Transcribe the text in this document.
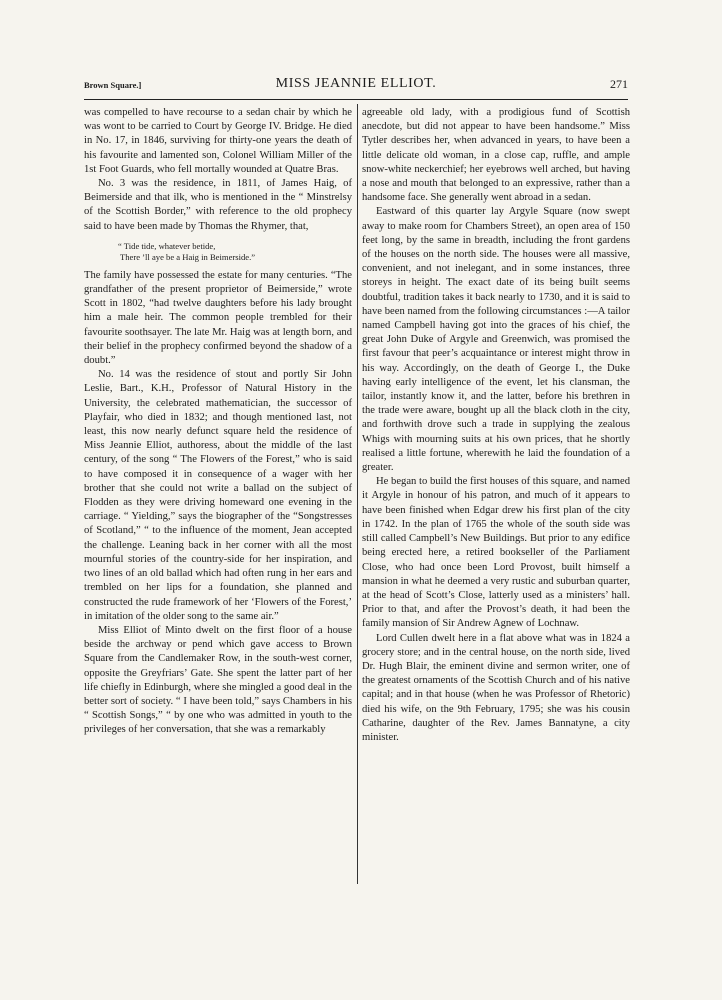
Brown Square.]	MISS JEANNIE ELLIOT.	271

was compelled to have recourse to a sedan chair by which he was wont to be carried to Court by George IV. Bridge. He died in No. 17, in 1846, surviving for thirty-one years the death of his favourite and lamented son, Colonel William Miller of the 1st Foot Guards, who fell mortally wounded at Quatre Bras.

No. 3 was the residence, in 1811, of James Haig, of Beimerside and that ilk, who is mentioned in the “ Minstrelsy of the Scottish Border,” with reference to the old prophecy said to have been made by Thomas the Rhymer, that,

“ Tide tide, whatever betide,
There ’ll aye be a Haig in Beimerside.”

The family have possessed the estate for many centuries. “The grandfather of the present proprietor of Beimerside,” wrote Scott in 1802, “had twelve daughters before his lady brought him a male heir. The common people trembled for their favourite soothsayer. The late Mr. Haig was at length born, and their belief in the prophecy confirmed beyond the shadow of a doubt.”

No. 14 was the residence of stout and portly Sir John Leslie, Bart., K.H., Professor of Natural History in the University, the celebrated mathematician, the successor of Playfair, who died in 1832; and though mentioned last, not least, this now nearly defunct square held the residence of Miss Jeannie Elliot, authoress, about the middle of the last century, of the song “ The Flowers of the Forest,” who is said to have composed it in consequence of a wager with her brother that she could not write a ballad on the subject of Flodden as they were driving homeward one evening in the carriage. “ Yielding,” says the biographer of the “Songstresses of Scotland,” “ to the influence of the moment, Jean accepted the challenge. Leaning back in her corner with all the most mournful stories of the country-side for her inspiration, and two lines of an old ballad which had often rung in her ears and trembled on her lips for a foundation, she planned and constructed the rude framework of her ‘Flowers of the Forest,’ in imitation of the older song to the same air.”

Miss Elliot of Minto dwelt on the first floor of a house beside the archway or pend which gave access to Brown Square from the Candlemaker Row, in the south-west corner, opposite the Greyfriars’ Gate. She spent the latter part of her life chiefly in Edinburgh, where she mingled a good deal in the better sort of society. “ I have been told,” says Chambers in his “ Scottish Songs,” “ by one who was admitted in youth to the privileges of her conversation, that she was a remarkably

agreeable old lady, with a prodigious fund of Scottish anecdote, but did not appear to have been handsome.” Miss Tytler describes her, when advanced in years, to have been a little delicate old woman, in a close cap, ruffle, and ample snow-white neckerchief; her eyebrows well arched, but having a nose and mouth that belonged to an expressive, rather than a handsome face. She generally went abroad in a sedan.

Eastward of this quarter lay Argyle Square (now swept away to make room for Chambers Street), an open area of 150 feet long, by the same in breadth, including the front gardens of the houses on the north side. The houses were all massive, convenient, and not inelegant, and in some instances, three storeys in height. The exact date of its being built seems doubtful, tradition takes it back nearly to 1730, and it is said to have been named from the following circumstances :—A tailor named Campbell having got into the graces of his chief, the great John Duke of Argyle and Greenwich, was promised the first favour that peer’s acquaintance or interest might throw in his way. Accordingly, on the death of George I., the Duke having early intelligence of the event, let his clansman, the tailor, instantly know it, and the latter, before his brethren in the trade were aware, bought up all the black cloth in the city, and forthwith drove such a trade in supplying the zealous Whigs with mourning suits at his own prices, that he shortly realised a little fortune, wherewith he laid the foundation of a greater.

He began to build the first houses of this square, and named it Argyle in honour of his patron, and much of it appears to have been finished when Edgar drew his first plan of the city in 1742. In the plan of 1765 the whole of the south side was still called Campbell’s New Buildings. But prior to any edifice being erected here, a retired bookseller of the Parliament Close, who had once been Lord Provost, built himself a mansion in what he deemed a very rustic and suburban quarter, at the head of Scott’s Close, latterly used as a ministers’ hall. Prior to that, and after the Provost’s death, it had been the family mansion of Sir Andrew Agnew of Lochnaw.

Lord Cullen dwelt here in a flat above what was in 1824 a grocery store; and in the central house, on the north side, lived Dr. Hugh Blair, the eminent divine and sermon writer, one of the greatest ornaments of the Scottish Church and of his native capital; and in that house (when he was Professor of Rhetoric) died his wife, on the 9th February, 1795; she was his cousin Catharine, daughter of the Rev. James Bannatyne, a city minister.
